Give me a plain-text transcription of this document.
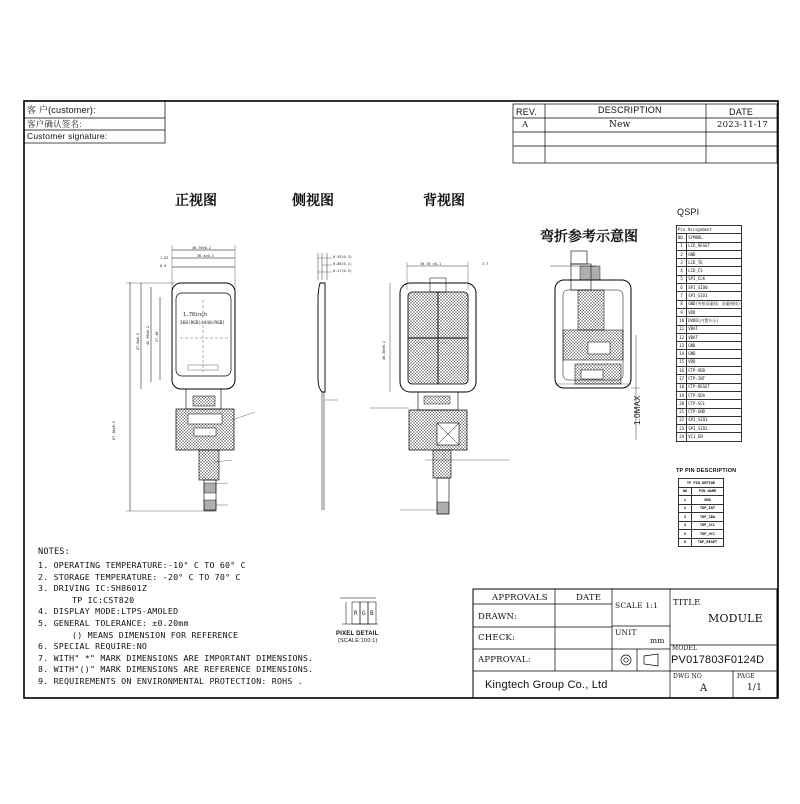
客 户(customer):
客户确认签名:
Customer signature:
REV.	DESCRIPTION	DATE
A	New	2023-11-17
正视图	侧视图	背视图
弯折参考示意图
1.78inch
368(RGB)x448(RGB)
40.70±0.2
36.4±0.2
1.62
0.5
67.30±0.5
47.8±0.2 42.99±0.2 37.40
0.55(0.3)
0.88(0.1)
0.27(0.5)
30.70 ±0.1	3.7
48.50±0.2
1.0MAX
QSPI
Pin Assignment	
NO.	SYMBOL
1	LCD_RESET
2	GND
3	LCD_TE
4	LCD_CS
5	SPI_CLK
6	SPI_SIO0
7	SPI_SIO1
8	GND(外框屏蔽线，屏蔽铜线)
9	VDD
10	DVDD(内置升压)
11	VBAT
12	VBAT
13	GND
14	GND
15	VDD
16	CTP-VDD
17	CTP-INT
18	CTP-RESET
19	CTP-SDA
20	CTP-SCL
21	CTP-GND
22	SPI_SIO3
23	SPI_SIO2
24	VCI_EN
TP PIN DESCRIPTION
TP PIN DEFINE	
NO	PIN NAME
1	GND
2	TDP_INT
3	TDP_SDA
4	TDP_SCL
5	TDP_VCC
6	TDP_RESET
NOTES:
1. OPERATING TEMPERATURE:-10° C TO 60° C
2. STORAGE TEMPERATURE: -20° C TO 70° C
3. DRIVING IC:SH8601Z
TP IC:CST820
4. DISPLAY MODE:LTPS-AMOLED
5. GENERAL TOLERANCE: ±0.20mm
() MEANS DIMENSION FOR REFERENCE
6. SPECIAL REQUIRE:NO
7. WITH" *" MARK DIMENSIONS ARE IMPORTANT DIMENSIONS.
8. WITH"()" MARK DIMENSIONS ARE REFERENCE DIMENSIONS.
9. REQUIREMENTS ON ENVIRONMENTAL PROTECTION: ROHS .
R G B
PIXEL DETAIL
(SCALE:100:1)
APPROVALS	DATE
DRAWN:
CHECK:
APPROVAL:
SCALE 1:1
UNIT
mm
TITLE
MODULE
MODEL
PV017803F0124D
Kingtech Group Co., Ltd
DWG NO
A
PAGE
1/1
